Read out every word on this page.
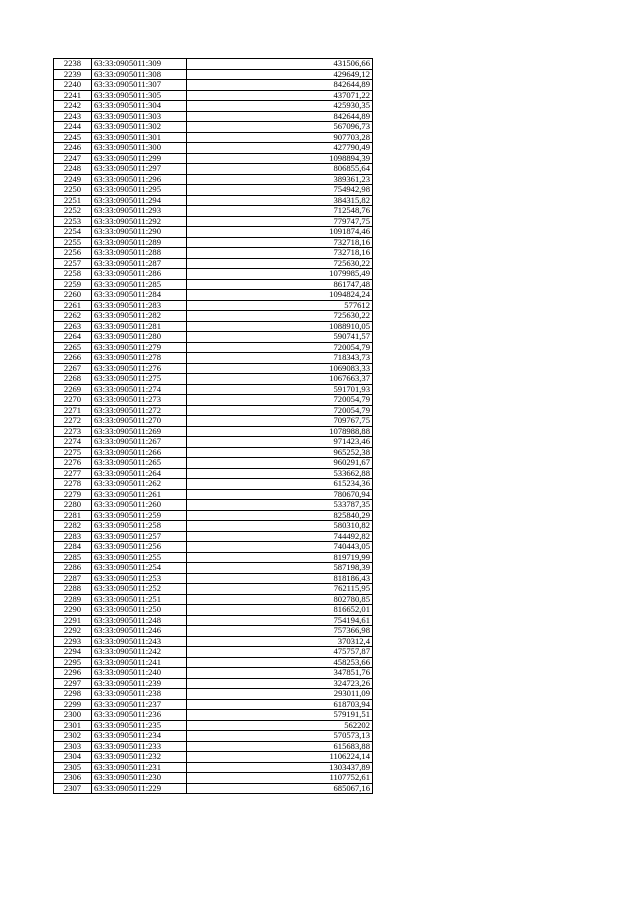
2238	63:33:0905011:309	431506,66
2239	63:33:0905011:308	429649,12
2240	63:33:0905011:307	842644,89
2241	63:33:0905011:305	437071,22
2242	63:33:0905011:304	425930,35
2243	63:33:0905011:303	842644,89
2244	63:33:0905011:302	567096,73
2245	63:33:0905011:301	907703,28
2246	63:33:0905011:300	427790,49
2247	63:33:0905011:299	1098894,39
2248	63:33:0905011:297	806855,64
2249	63:33:0905011:296	389361,23
2250	63:33:0905011:295	754942,98
2251	63:33:0905011:294	384315,82
2252	63:33:0905011:293	712548,76
2253	63:33:0905011:292	779747,75
2254	63:33:0905011:290	1091874,46
2255	63:33:0905011:289	732718,16
2256	63:33:0905011:288	732718,16
2257	63:33:0905011:287	725630,22
2258	63:33:0905011:286	1079985,49
2259	63:33:0905011:285	861747,48
2260	63:33:0905011:284	1094824,24
2261	63:33:0905011:283	577612
2262	63:33:0905011:282	725630,22
2263	63:33:0905011:281	1088910,05
2264	63:33:0905011:280	590741,57
2265	63:33:0905011:279	720054,79
2266	63:33:0905011:278	718343,73
2267	63:33:0905011:276	1069083,33
2268	63:33:0905011:275	1067663,37
2269	63:33:0905011:274	591701,93
2270	63:33:0905011:273	720054,79
2271	63:33:0905011:272	720054,79
2272	63:33:0905011:270	709767,75
2273	63:33:0905011:269	1078988,88
2274	63:33:0905011:267	971423,46
2275	63:33:0905011:266	965252,38
2276	63:33:0905011:265	960291,67
2277	63:33:0905011:264	533662,88
2278	63:33:0905011:262	615234,36
2279	63:33:0905011:261	780670,94
2280	63:33:0905011:260	533787,35
2281	63:33:0905011:259	825840,29
2282	63:33:0905011:258	580310,82
2283	63:33:0905011:257	744492,82
2284	63:33:0905011:256	740443,05
2285	63:33:0905011:255	819719,99
2286	63:33:0905011:254	587198,39
2287	63:33:0905011:253	818186,43
2288	63:33:0905011:252	762115,95
2289	63:33:0905011:251	802780,85
2290	63:33:0905011:250	816652,01
2291	63:33:0905011:248	754194,61
2292	63:33:0905011:246	757366,98
2293	63:33:0905011:243	370312,4
2294	63:33:0905011:242	475757,87
2295	63:33:0905011:241	458253,66
2296	63:33:0905011:240	347851,76
2297	63:33:0905011:239	324723,26
2298	63:33:0905011:238	293011,09
2299	63:33:0905011:237	618703,94
2300	63:33:0905011:236	579191,51
2301	63:33:0905011:235	562202
2302	63:33:0905011:234	570573,13
2303	63:33:0905011:233	615683,88
2304	63:33:0905011:232	1106224,14
2305	63:33:0905011:231	1303437,89
2306	63:33:0905011:230	1107752,61
2307	63:33:0905011:229	685067,16
